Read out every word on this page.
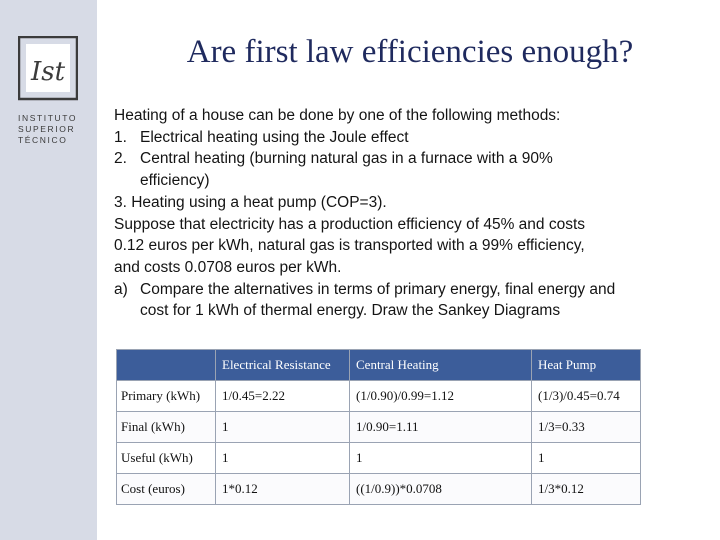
Ist
INSTITUTO
SUPERIOR
TÉCNICO
Are first law efficiencies enough?
Heating of a house can be done by one of the following methods:
1. Electrical heating using the Joule effect
2. Central heating (burning natural gas in a furnace with a 90%
efficiency)
3. Heating using a heat pump (COP=3).
Suppose that electricity has a production efficiency of 45% and costs
0.12 euros per kWh, natural gas is transported with a 99% efficiency,
and costs 0.0708 euros per kWh.
a) Compare the alternatives in terms of primary energy, final energy and
cost for 1 kWh of thermal energy. Draw the Sankey Diagrams
	Electrical Resistance	Central Heating	Heat Pump
Primary (kWh)	1/0.45=2.22	(1/0.90)/0.99=1.12	(1/3)/0.45=0.74
Final (kWh)	1	1/0.90=1.11	1/3=0.33
Useful (kWh)	1	1	1
Cost (euros)	1*0.12	((1/0.9))*0.0708	1/3*0.12
